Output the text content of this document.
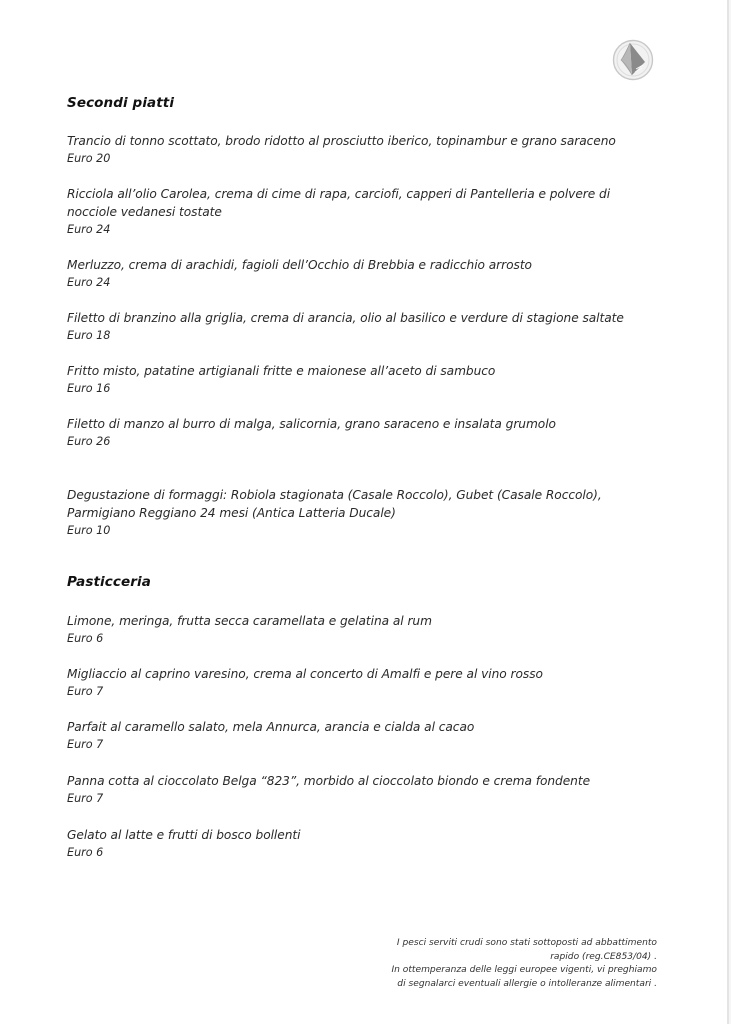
Secondi piatti
Trancio di tonno scottato, brodo ridotto al prosciutto iberico, topinambur e grano saraceno
Euro 20
Ricciola all’olio Carolea, crema di cime di rapa, carciofi, capperi di Pantelleria e polvere di
nocciole vedanesi tostate
Euro 24
Merluzzo, crema di arachidi, fagioli dell’Occhio di Brebbia e radicchio arrosto
Euro 24
Filetto di branzino alla griglia, crema di arancia, olio al basilico e verdure di stagione saltate
Euro 18
Fritto misto, patatine artigianali fritte e maionese all’aceto di sambuco
Euro 16
Filetto di manzo al burro di malga, salicornia, grano saraceno e insalata grumolo
Euro 26
Degustazione di formaggi: Robiola stagionata (Casale Roccolo), Gubet (Casale Roccolo),
Parmigiano Reggiano 24 mesi (Antica Latteria Ducale)
Euro 10
Pasticceria
Limone, meringa, frutta secca caramellata e gelatina al rum
Euro 6
Migliaccio al caprino varesino, crema al concerto di Amalfi e pere al vino rosso
Euro 7
Parfait al caramello salato, mela Annurca, arancia e cialda al cacao
Euro 7
Panna cotta al cioccolato Belga “823”, morbido al cioccolato biondo e crema fondente
Euro 7
Gelato al latte e frutti di bosco bollenti
Euro 6
I pesci serviti crudi sono stati sottoposti ad abbattimento
rapido (reg.CE853/04) .
In ottemperanza delle leggi europee vigenti, vi preghiamo
di segnalarci eventuali allergie o intolleranze alimentari .
